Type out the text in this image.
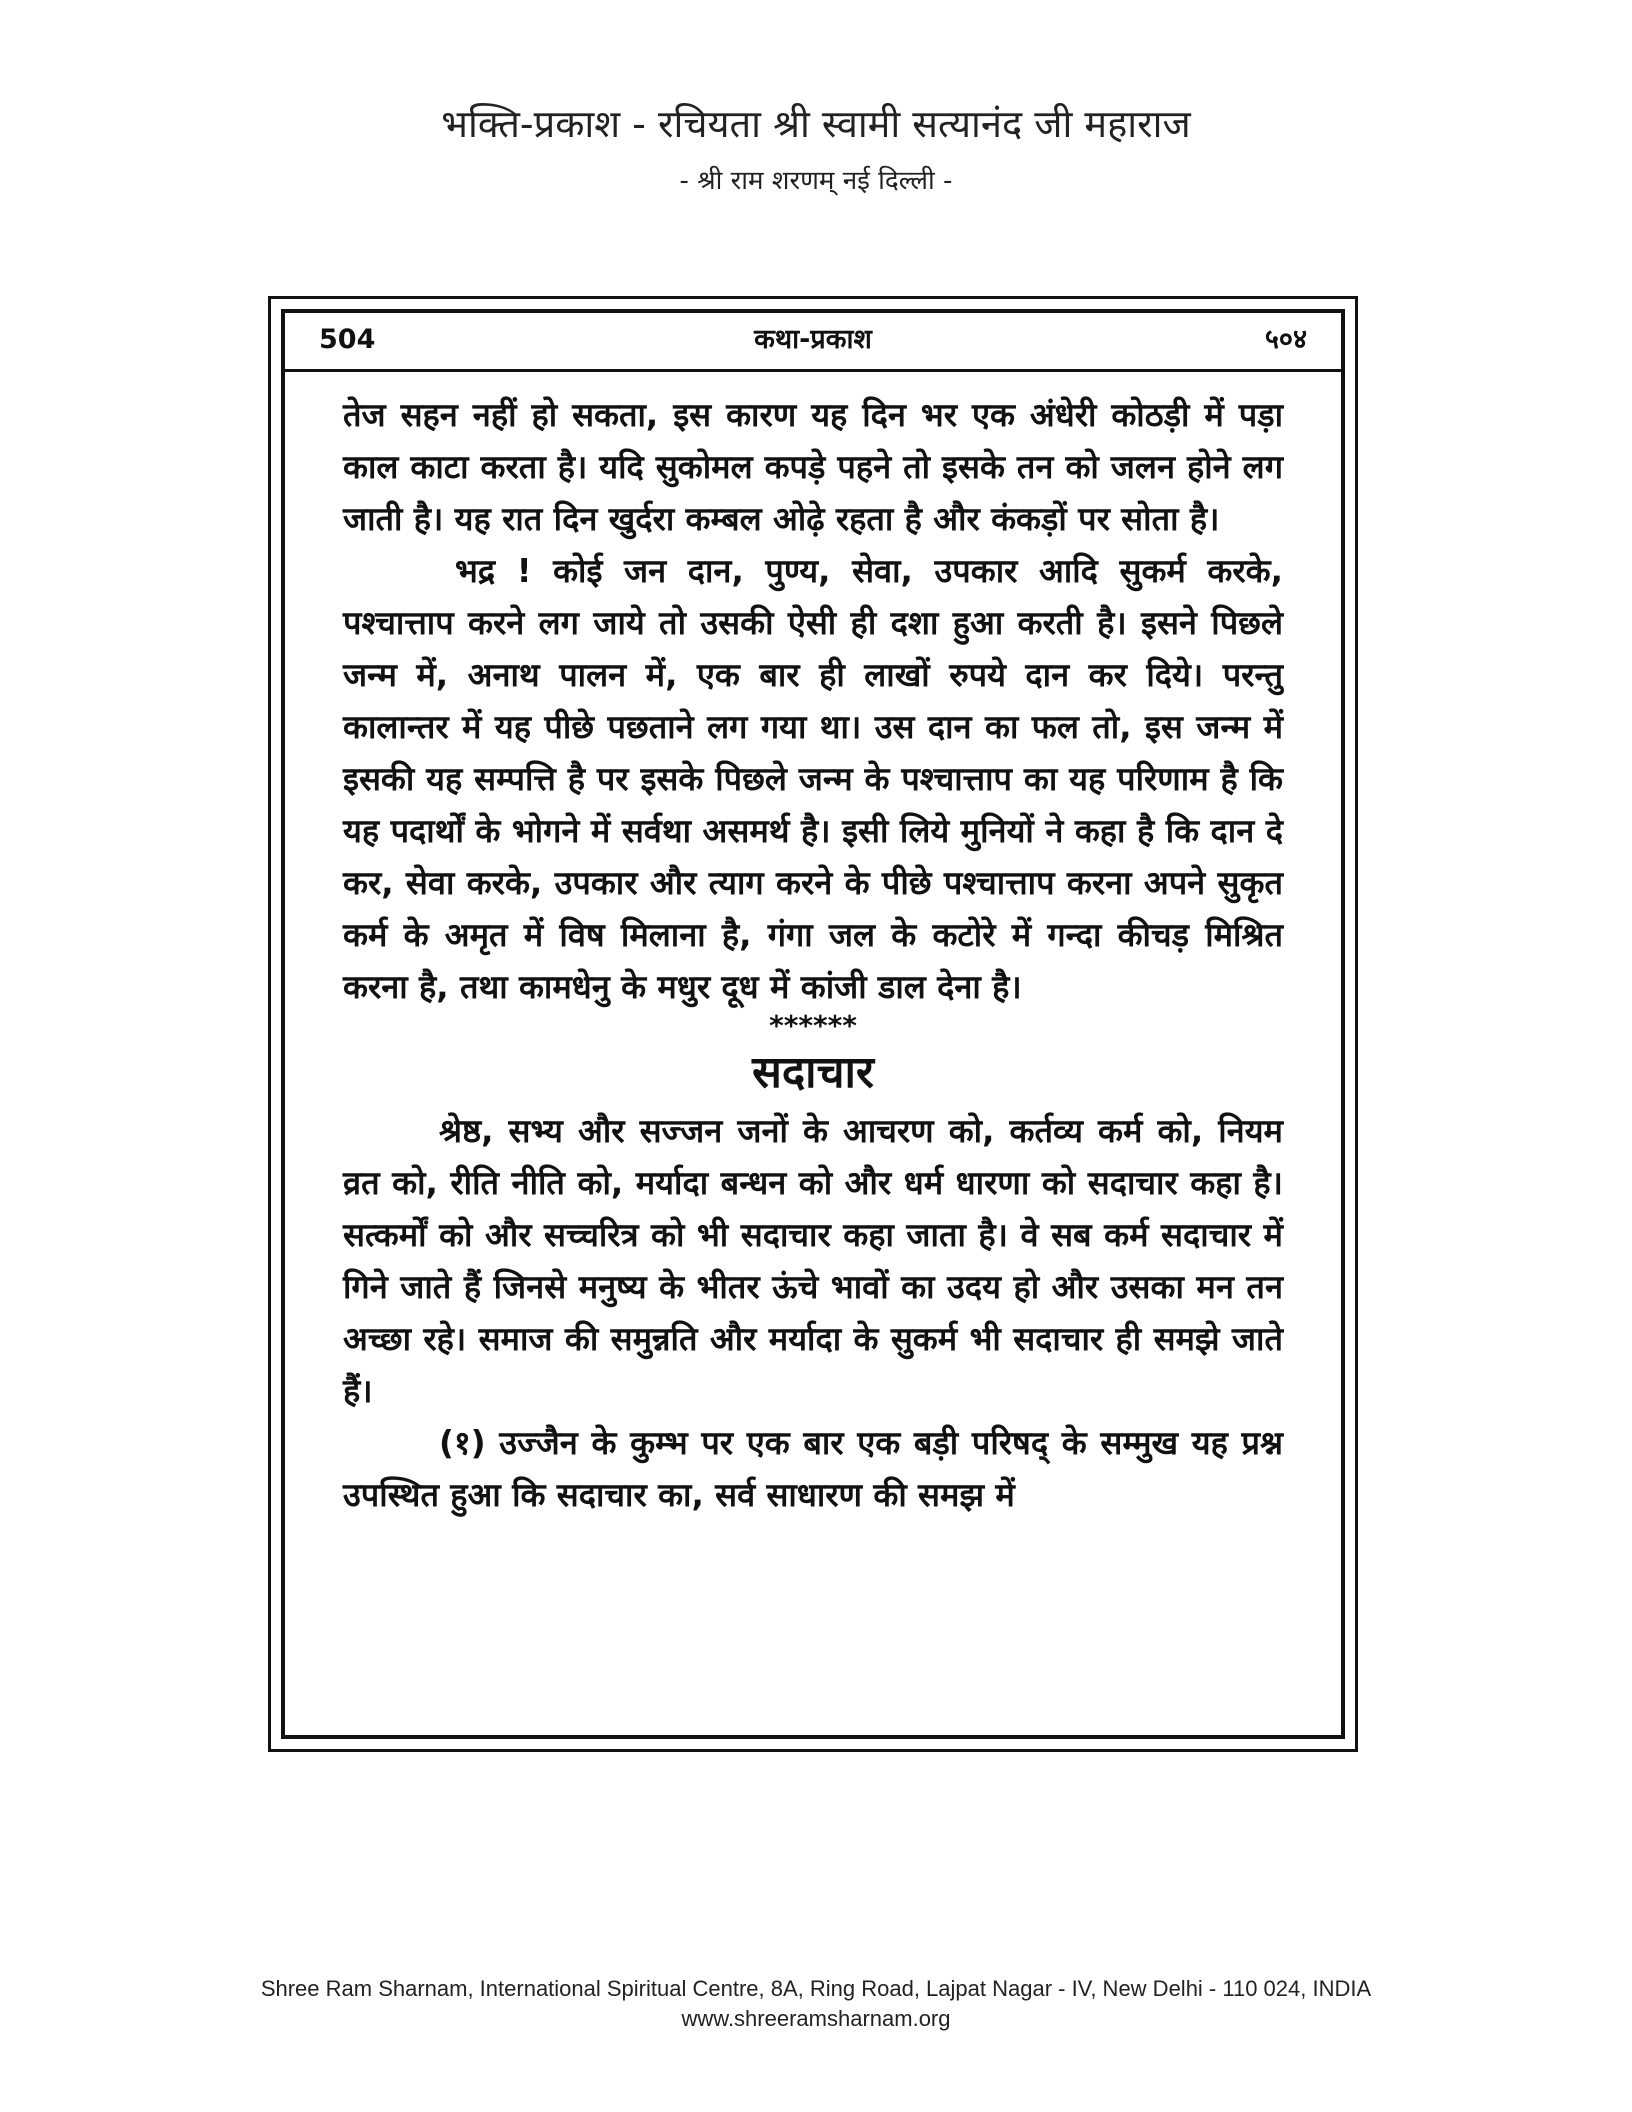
भक्ति-प्रकाश - रचियता श्री स्वामी सत्यानंद जी महाराज
- श्री राम शरणम् नई दिल्ली -
कथा-प्रकाश
504	५०४

तेज सहन नहीं हो सकता, इस कारण यह दिन भर एक अंधेरी कोठड़ी में पड़ा काल काटा करता है। यदि सुकोमल कपड़े पहने तो इसके तन को जलन होने लग जाती है। यह रात दिन खुर्दरा कम्बल ओढ़े रहता है और कंकड़ों पर सोता है।

भद्र ! कोई जन दान, पुण्य, सेवा, उपकार आदि सुकर्म करके, पश्चात्ताप करने लग जाये तो उसकी ऐसी ही दशा हुआ करती है। इसने पिछले जन्म में, अनाथ पालन में, एक बार ही लाखों रुपये दान कर दिये। परन्तु कालान्तर में यह पीछे पछताने लग गया था। उस दान का फल तो, इस जन्म में इसकी यह सम्पत्ति है पर इसके पिछले जन्म के पश्चात्ताप का यह परिणाम है कि यह पदार्थों के भोगने में सर्वथा असमर्थ है। इसी लिये मुनियों ने कहा है कि दान दे कर, सेवा करके, उपकार और त्याग करने के पीछे पश्चात्ताप करना अपने सुकृत कर्म के अमृत में विष मिलाना है, गंगा जल के कटोरे में गन्दा कीचड़ मिश्रित करना है, तथा कामधेनु के मधुर दूध में कांजी डाल देना है।

******
सदाचार

श्रेष्ठ, सभ्य और सज्जन जनों के आचरण को, कर्तव्य कर्म को, नियम व्रत को, रीति नीति को, मर्यादा बन्धन को और धर्म धारणा को सदाचार कहा है। सत्कर्मों को और सच्चरित्र को भी सदाचार कहा जाता है। वे सब कर्म सदाचार में गिने जाते हैं जिनसे मनुष्य के भीतर ऊंचे भावों का उदय हो और उसका मन तन अच्छा रहे। समाज की समुन्नति और मर्यादा के सुकर्म भी सदाचार ही समझे जाते हैं।

(१) उज्जैन के कुम्भ पर एक बार एक बड़ी परिषद् के सम्मुख यह प्रश्न उपस्थित हुआ कि सदाचार का, सर्व साधारण की समझ में

Shree Ram Sharnam, International Spiritual Centre, 8A, Ring Road, Lajpat Nagar - IV, New Delhi - 110 024, INDIA
www.shreeramsharnam.org
